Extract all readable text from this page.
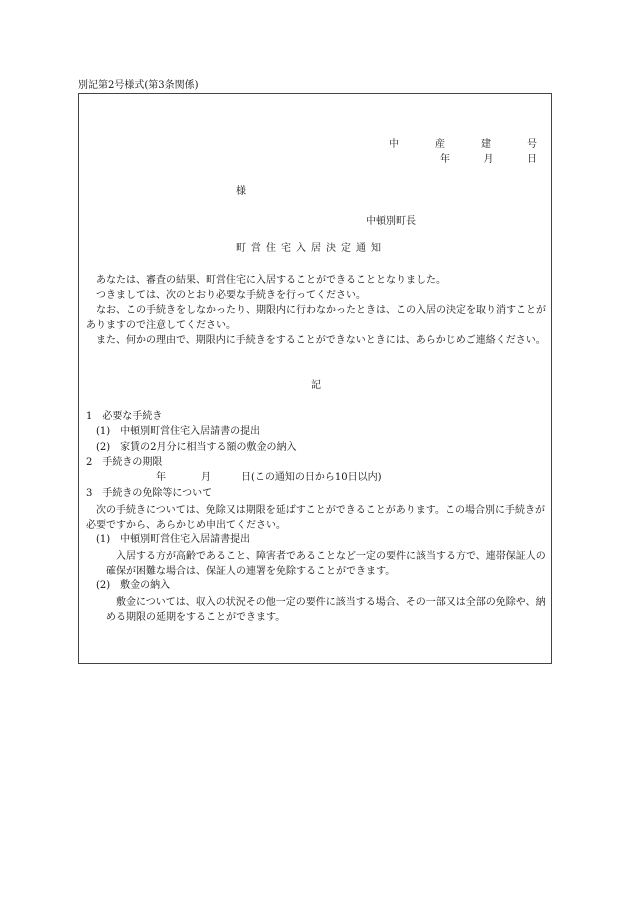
別記第2号様式(第3条関係)
中	産	建	号
年	月	日
様
中頓別町長
町営住宅入居決定通知
　あなたは、審査の結果、町営住宅に入居することができることとなりました。
　つきましては、次のとおり必要な手続きを行ってください。
　なお、この手続きをしなかったり、期限内に行わなかったときは、この入居の決定を取り消すことがありますので注意してください。
　また、何かの理由で、期限内に手続きをすることができないときには、あらかじめご連絡ください。
記
1　必要な手続き
(1)　中頓別町営住宅入居請書の提出
(2)　家賃の2月分に相当する額の敷金の納入
2　手続きの期限
年	月	日(この通知の日から10日以内)
3　手続きの免除等について
　次の手続きについては、免除又は期限を延ばすことができることがあります。この場合別に手続きが必要ですから、あらかじめ申出てください。
(1)　中頓別町営住宅入居請書提出
　入居する方が高齢であること、障害者であることなど一定の要件に該当する方で、連帯保証人の確保が困難な場合は、保証人の連署を免除することができます。
(2)　敷金の納入
　敷金については、収入の状況その他一定の要件に該当する場合、その一部又は全部の免除や、納める期限の延期をすることができます。
